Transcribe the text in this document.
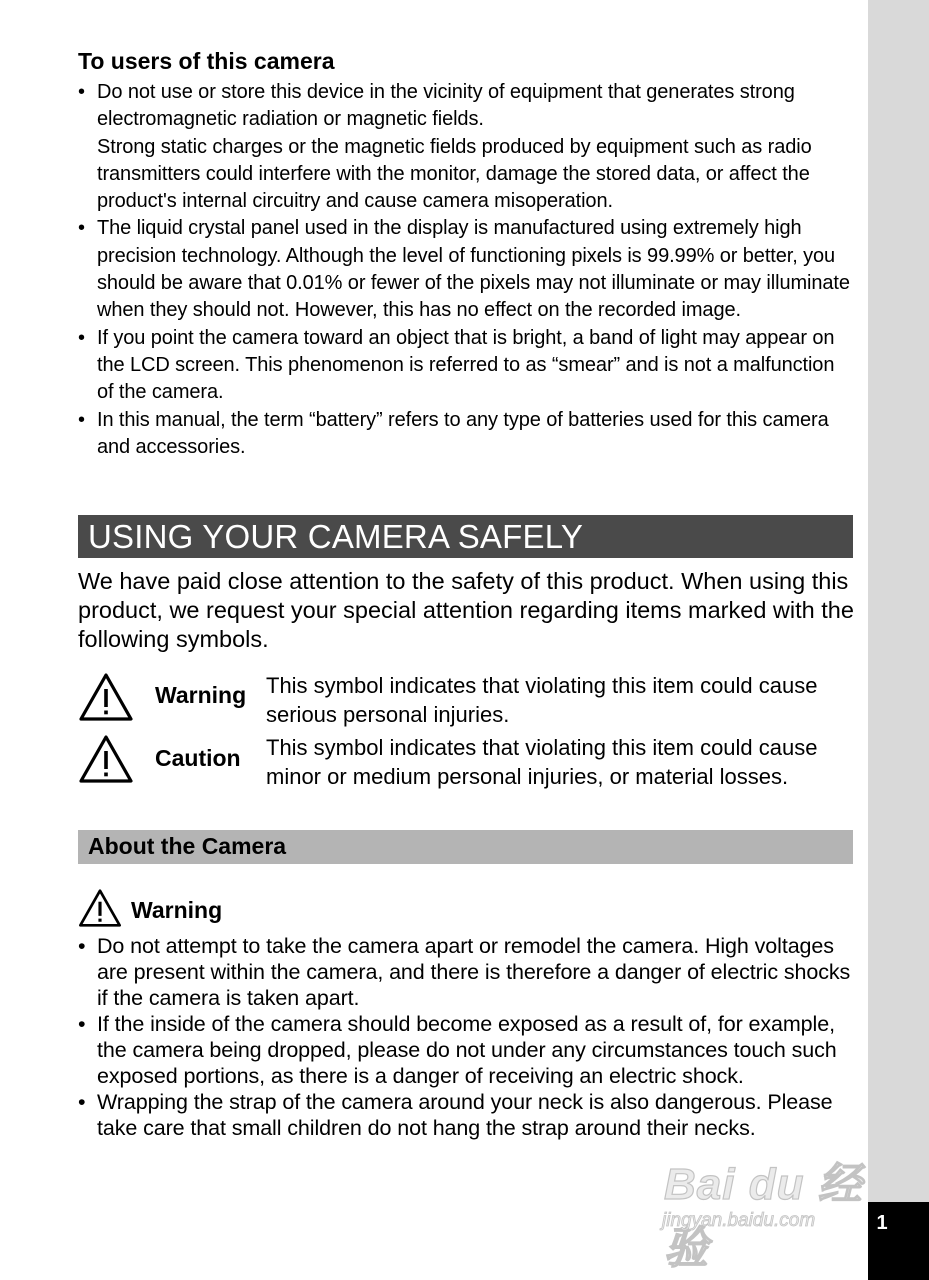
1
To users of this camera

• Do not use or store this device in the vicinity of equipment that generates strong electromagnetic radiation or magnetic fields.

Strong static charges or the magnetic fields produced by equipment such as radio transmitters could interfere with the monitor, damage the stored data, or affect the product's internal circuitry and cause camera misoperation.

• The liquid crystal panel used in the display is manufactured using extremely high precision technology. Although the level of functioning pixels is 99.99% or better, you should be aware that 0.01% or fewer of the pixels may not illuminate or may illuminate when they should not. However, this has no effect on the recorded image.

• If you point the camera toward an object that is bright, a band of light may appear on the LCD screen. This phenomenon is referred to as “smear” and is not a malfunction of the camera.

• In this manual, the term “battery” refers to any type of batteries used for this camera and accessories.

USING YOUR CAMERA SAFELY

We have paid close attention to the safety of this product. When using this product, we request your special attention regarding items marked with the following symbols.

Warning This symbol indicates that violating this item could cause serious personal injuries.
Caution This symbol indicates that violating this item could cause minor or medium personal injuries, or material losses.
About the Camera
Warning
• Do not attempt to take the camera apart or remodel the camera. High voltages are present within the camera, and there is therefore a danger of electric shocks if the camera is taken apart.
• If the inside of the camera should become exposed as a result of, for example, the camera being dropped, please do not under any circumstances touch such exposed portions, as there is a danger of receiving an electric shock.
• Wrapping the strap of the camera around your neck is also dangerous. Please take care that small children do not hang the strap around their necks.
Bai du 经验
jingyan.baidu.com
